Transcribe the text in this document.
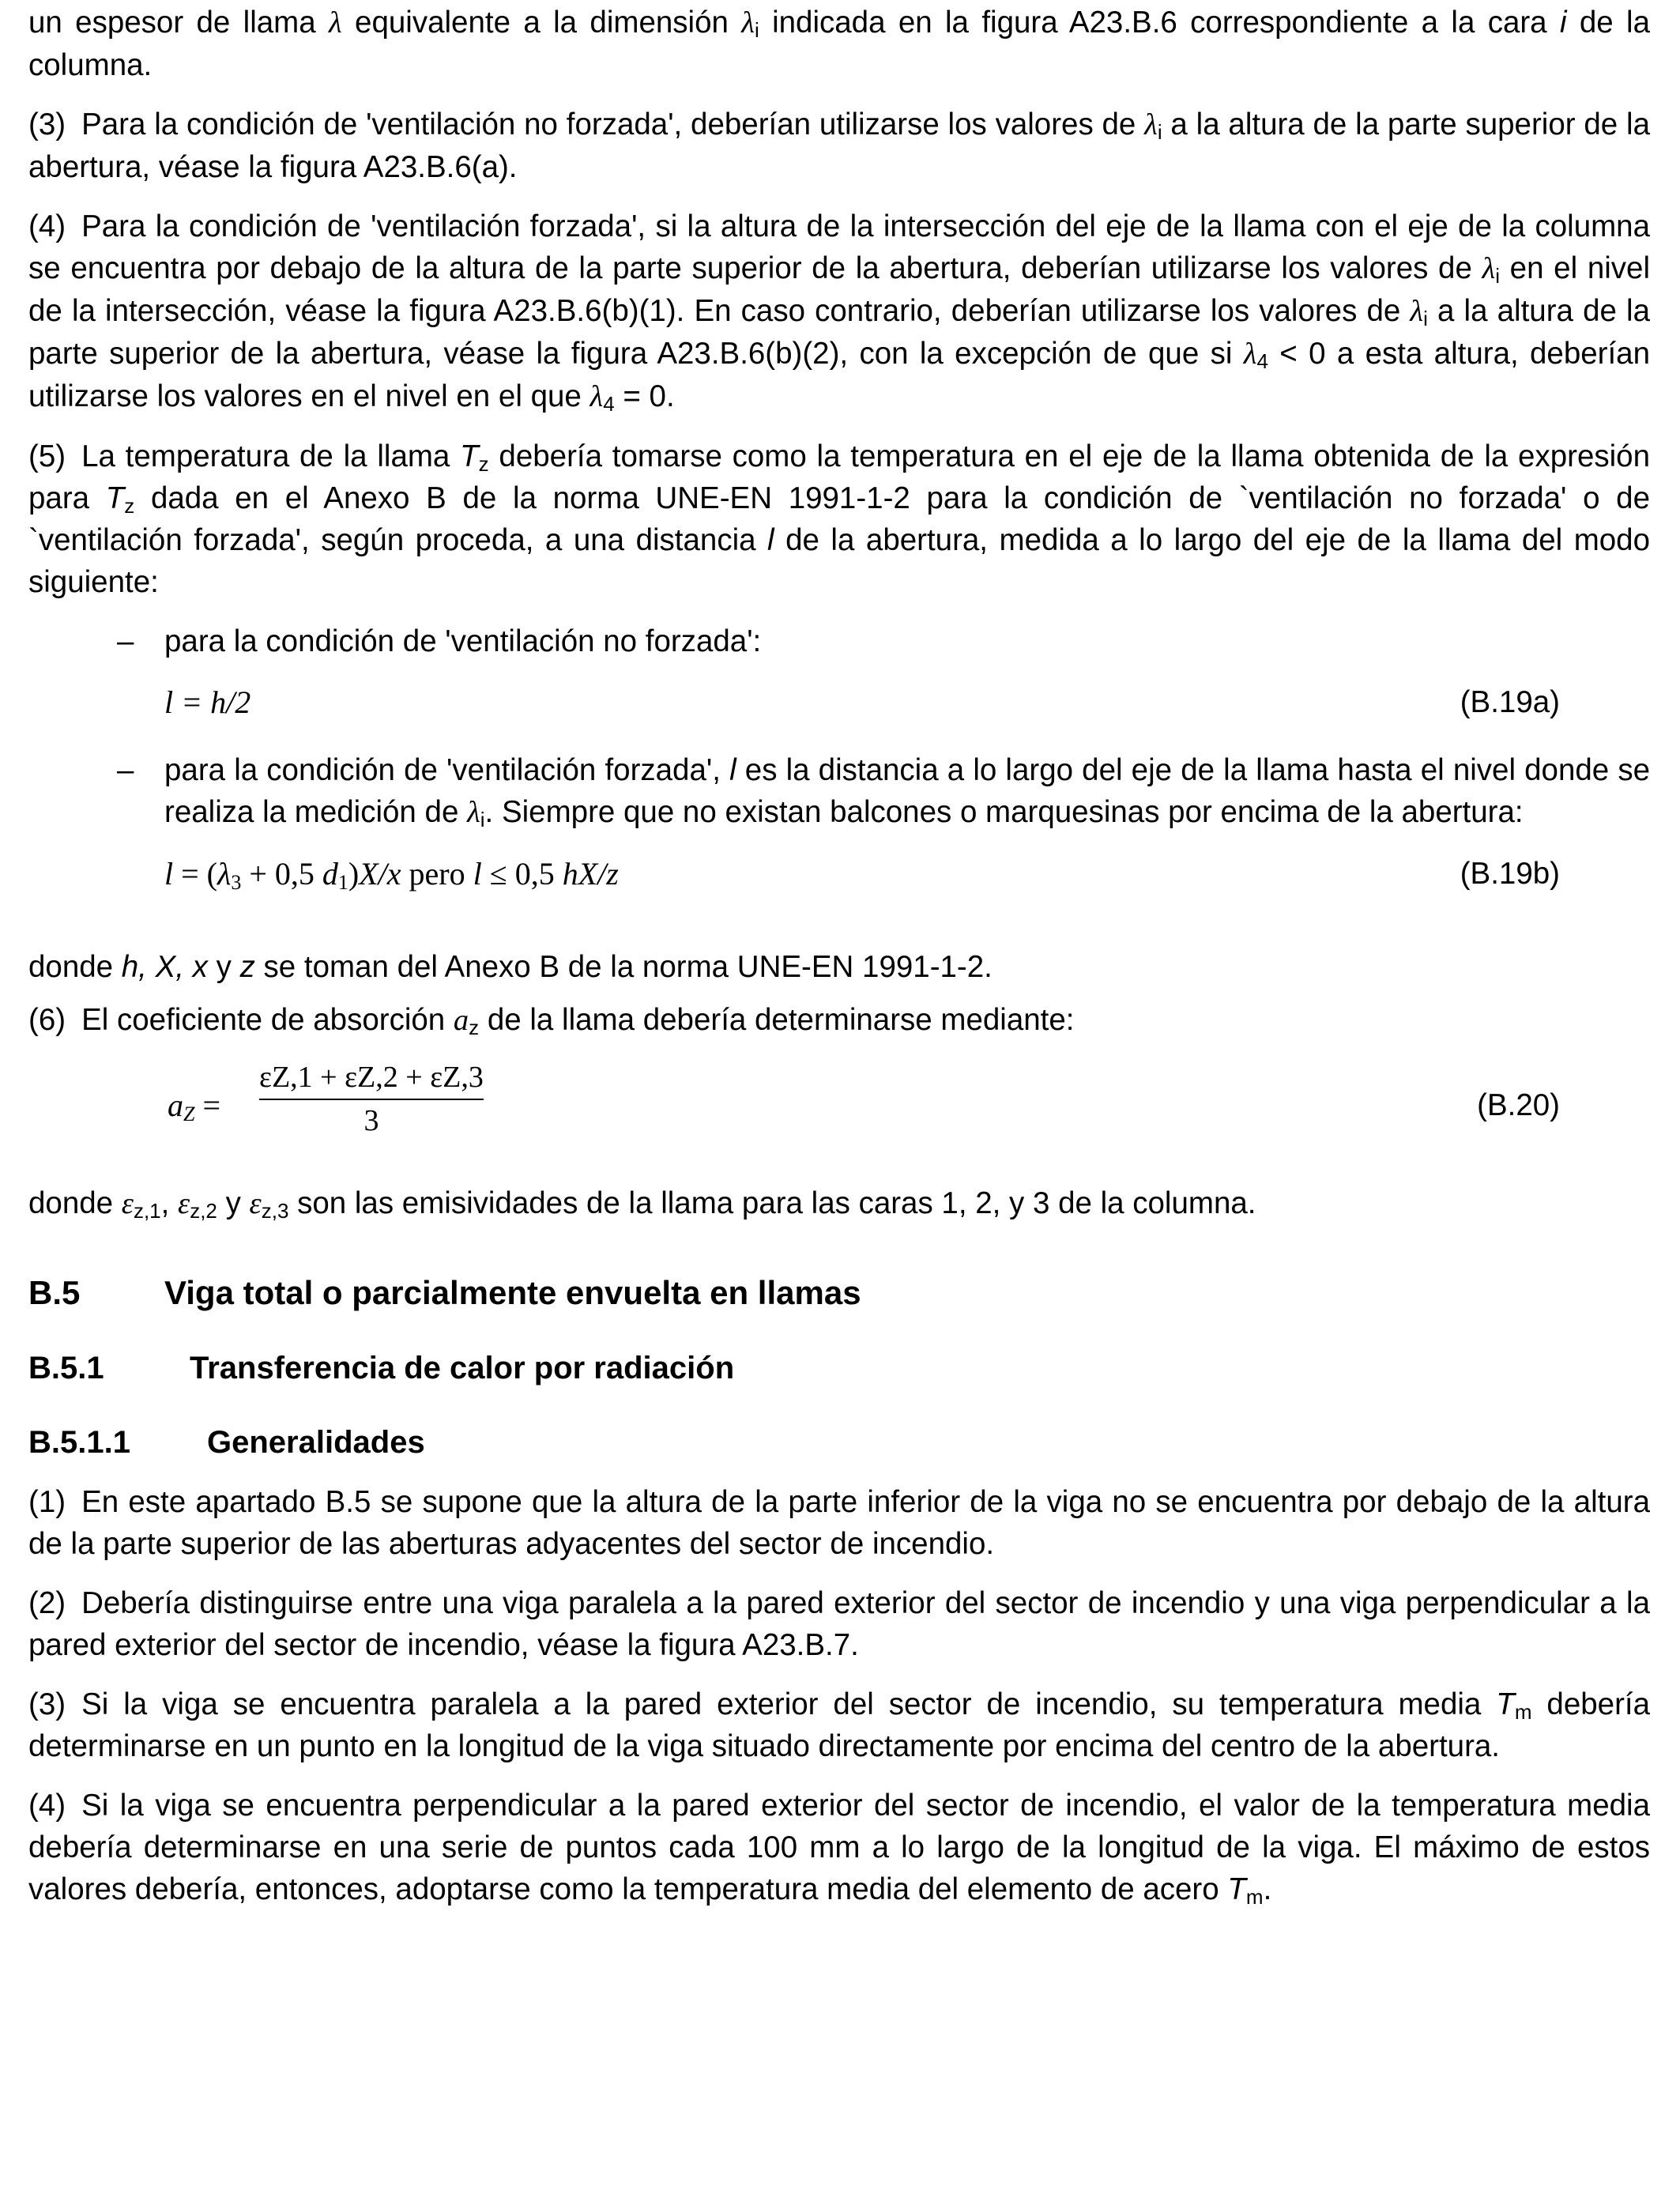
un espesor de llama λ equivalente a la dimensión $\lambda_i$ indicada en la figura A23.B.6 correspondiente a la cara i de la columna.

(3) Para la condición de 'ventilación no forzada', deberían utilizarse los valores de $\lambda_i$ a la altura de la parte superior de la abertura, véase la figura A23.B.6(a).

(4) Para la condición de 'ventilación forzada', si la altura de la intersección del eje de la llama con el eje de la columna se encuentra por debajo de la altura de la parte superior de la abertura, deberían utilizarse los valores de $\lambda_i$ en el nivel de la intersección, véase la figura A23.B.6(b)(1). En caso contrario, deberían utilizarse los valores de $\lambda_i$ a la altura de la parte superior de la abertura, véase la figura A23.B.6(b)(2), con la excepción de que si $\lambda_4 < 0$ a esta altura, deberían utilizarse los valores en el nivel en el que $\lambda_4 = 0$.

(5) La temperatura de la llama $T_z$ debería tomarse como la temperatura en el eje de la llama obtenida de la expresión para $T_z$ dada en el Anexo B de la norma UNE-EN 1991-1-2 para la condición de `ventilación no forzada' o de `ventilación forzada', según proceda, a una distancia l de la abertura, medida a lo largo del eje de la llama del modo siguiente:

– para la condición de 'ventilación no forzada':
l = h/2	(B.19a)
– para la condición de 'ventilación forzada', l es la distancia a lo largo del eje de la llama hasta el nivel donde se realiza la medición de $\lambda_i$. Siempre que no existan balcones o marquesinas por encima de la abertura:
$l = (\lambda_3 + 0,5$ $d_1)X/x$ pero l ≤ 0,5 hX/z	(B.19b)

donde h, X, x y z se toman del Anexo B de la norma UNE-EN 1991-1-2.

(6) El coeficiente de absorción $a_z$ de la llama debería determinarse mediante:

$a_Z = \frac{\varepsilon Z,1 + \varepsilon Z,2 + \varepsilon Z,3}{3}$	(B.20)

donde $\varepsilon_{z,1}$, $\varepsilon_{z,2}$ y $\varepsilon_{z,3}$ son las emisividades de la llama para las caras 1, 2, y 3 de la columna.

B.5	Viga total o parcialmente envuelta en llamas
B.5.1	Transferencia de calor por radiación
B.5.1.1 Generalidades

(1) En este apartado B.5 se supone que la altura de la parte inferior de la viga no se encuentra por debajo de la altura de la parte superior de las aberturas adyacentes del sector de incendio.

(2) Debería distinguirse entre una viga paralela a la pared exterior del sector de incendio y una viga perpendicular a la pared exterior del sector de incendio, véase la figura A23.B.7.

(3) Si la viga se encuentra paralela a la pared exterior del sector de incendio, su temperatura media $T_m$ debería determinarse en un punto en la longitud de la viga situado directamente por encima del centro de la abertura.

(4) Si la viga se encuentra perpendicular a la pared exterior del sector de incendio, el valor de la temperatura media debería determinarse en una serie de puntos cada 100 mm a lo largo de la longitud de la viga. El máximo de estos valores debería, entonces, adoptarse como la temperatura media del elemento de acero $T_m$.
